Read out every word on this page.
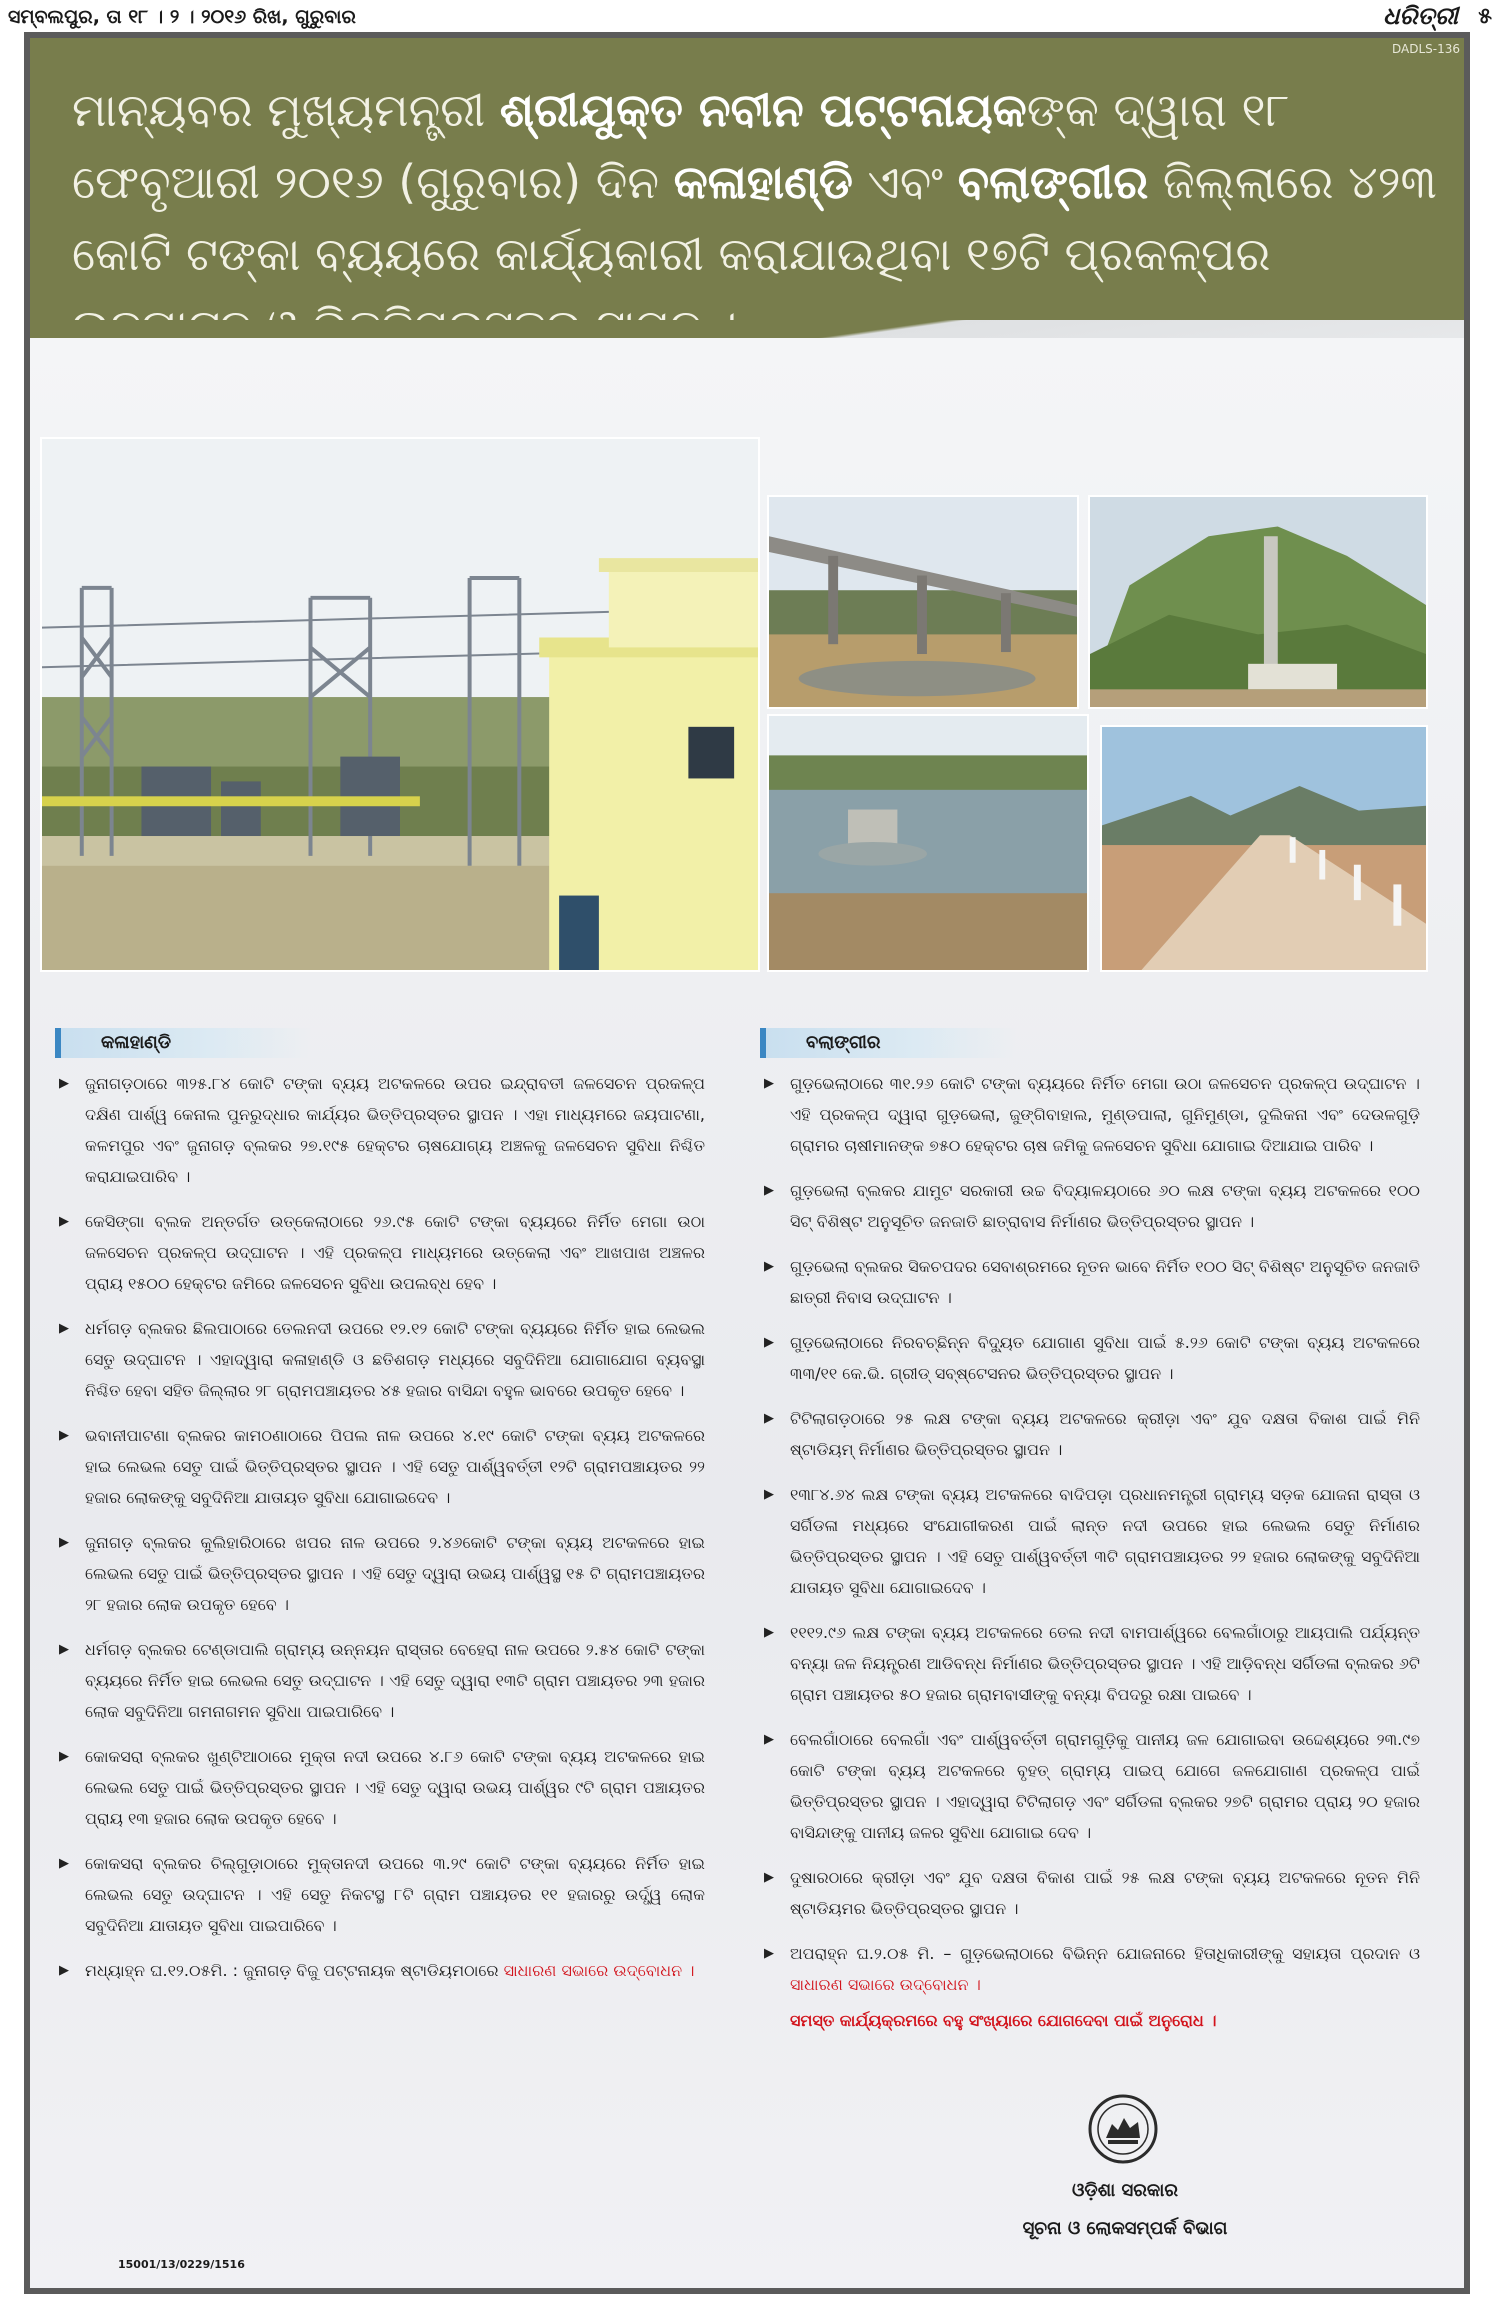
ସମ୍ବଲପୁର, ତା ୧୮ । ୨ । ୨୦୧୬ ରିଖ, ଗୁରୁବାର	ଧରିତ୍ରୀ ୫
DADLS-136

ମାନ୍ୟବର ମୁଖ୍ୟମନ୍ତ୍ରୀ ଶ୍ରୀଯୁକ୍ତ ନବୀନ ପଟ୍ଟନାୟକଙ୍କ ଦ୍ୱାରା ୧୮ ଫେବୃଆରୀ ୨୦୧୬ (ଗୁରୁବାର) ଦିନ କଳାହାଣ୍ଡି ଏବଂ ବଲାଙ୍ଗୀର ଜିଲ୍ଲାରେ ୪୨୩ କୋଟି ଟଙ୍କା ବ୍ୟୟରେ କାର୍ଯ୍ୟକାରୀ କରାଯାଉଥିବା ୧୭ଟି ପ୍ରକଳ୍ପର

କଳାହାଣ୍ଡି
▶ ଜୁନାଗଡ଼ଠାରେ ୩୨୫.୮୪ କୋଟି ଟଙ୍କା ବ୍ୟୟ ଅଟକଳରେ ଉପର ଇନ୍ଦ୍ରାବତୀ ଜଳସେଚନ ପ୍ରକଳ୍ପ ଦକ୍ଷିଣ ପାର୍ଶ୍ୱ କେନାଲ ପୁନରୁଦ୍ଧାର କାର୍ଯ୍ୟର ଭିତ୍ତିପ୍ରସ୍ତର ସ୍ଥାପନ । ଏହା ମାଧ୍ୟମରେ ଜୟପାଟଣା, କଳମପୁର ଏବଂ ଜୁନାଗଡ଼ ବ୍ଲକର ୨୭.୧୯୫ ହେକ୍ଟର ଚାଷଯୋଗ୍ୟ ଅଞ୍ଚଳକୁ ଜଳସେଚନ ସୁବିଧା ନିଶ୍ଚିତ କରାଯାଇପାରିବ ।
▶ କେସିଙ୍ଗା ବ୍ଲକ ଅନ୍ତର୍ଗତ ଉତ୍‌କେଲାଠାରେ ୨୬.୯୫ କୋଟି ଟଙ୍କା ବ୍ୟୟରେ ନିର୍ମିତ ମେଗା ଉଠା ଜଳସେଚନ ପ୍ରକଳ୍ପ ଉଦ୍‌ଘାଟନ । ଏହି ପ୍ରକଳ୍ପ ମାଧ୍ୟମରେ ଉତ୍‌କେଲା ଏବଂ ଆଖପାଖ ଅଞ୍ଚଳର ପ୍ରାୟ ୧୫୦୦ ହେକ୍ଟର ଜମିରେ ଜଳସେଚନ ସୁବିଧା ଉପଲବ୍ଧ ହେବ ।
▶ ଧର୍ମଗଡ଼ ବ୍ଲକର ଛିଲପାଠାରେ ତେଲନଦୀ ଉପରେ ୧୨.୧୨ କୋଟି ଟଙ୍କା ବ୍ୟୟରେ ନିର୍ମିତ ହାଇ ଲେଭଲ ସେତୁ ଉଦ୍‌ଘାଟନ । ଏହାଦ୍ୱାରା କଳାହାଣ୍ଡି ଓ ଛତିଶଗଡ଼ ମଧ୍ୟରେ ସବୁଦିନିଆ ଯୋଗାଯୋଗ ବ୍ୟବସ୍ଥା ନିଶ୍ଚିତ ହେବା ସହିତ ଜିଲ୍ଲାର ୨୮ ଗ୍ରାମପଞ୍ଚାୟତର ୪୫ ହଜାର ବାସିନ୍ଦା ବହୁଳ ଭାବରେ ଉପକୃତ ହେବେ ।
▶ ଭବାନୀପାଟଣା ବ୍ଲକର କାମଠଣାଠାରେ ପିପଲ ନାଳ ଉପରେ ୪.୧୯ କୋଟି ଟଙ୍କା ବ୍ୟୟ ଅଟକଳରେ ହାଇ ଲେଭଲ ସେତୁ ପାଇଁ ଭିତ୍ତିପ୍ରସ୍ତର ସ୍ଥାପନ । ଏହି ସେତୁ ପାର୍ଶ୍ୱବର୍ତ୍ତୀ ୧୨ଟି ଗ୍ରାମପଞ୍ଚାୟତର ୨୨ ହଜାର ଲୋକଙ୍କୁ ସବୁଦିନିଆ ଯାତାୟତ ସୁବିଧା ଯୋଗାଇଦେବ ।
▶ ଜୁନାଗଡ଼ ବ୍ଲକର କୁଲିହାରିଠାରେ ଖପର ନାଳ ଉପରେ ୨.୪୬କୋଟି ଟଙ୍କା ବ୍ୟୟ ଅଟକଳରେ ହାଇ ଲେଭଲ ସେତୁ ପାଇଁ ଭିତ୍ତିପ୍ରସ୍ତର ସ୍ଥାପନ । ଏହି ସେତୁ ଦ୍ୱାରା ଉଭୟ ପାର୍ଶ୍ୱସ୍ଥ ୧୫ ଟି ଗ୍ରାମପଞ୍ଚାୟତର ୨୮ ହଜାର ଲୋକ ଉପକୃତ ହେବେ ।
▶ ଧର୍ମଗଡ଼ ବ୍ଲକର ଟେଣ୍ଡାପାଲି ଗ୍ରାମ୍ୟ ଉନ୍ନୟନ ରାସ୍ତାର ବେହେରା ନାଳ ଉପରେ ୨.୫୪ କୋଟି ଟଙ୍କା ବ୍ୟୟରେ ନିର୍ମିତ ହାଇ ଲେଭଲ ସେତୁ ଉଦ୍‌ଘାଟନ । ଏହି ସେତୁ ଦ୍ୱାରା ୧୩ଟି ଗ୍ରାମ ପଞ୍ଚାୟତର ୨୩ ହଜାର ଲୋକ ସବୁଦିନିଆ ଗମନାଗମନ ସୁବିଧା ପାଇପାରିବେ ।
▶ କୋକସରା ବ୍ଲକର ଖୁଣ୍ଟିଆଠାରେ ମୁକ୍ତା ନଦୀ ଉପରେ ୪.୮୬ କୋଟି ଟଙ୍କା ବ୍ୟୟ ଅଟକଳରେ ହାଇ ଲେଭଲ ସେତୁ ପାଇଁ ଭିତ୍ତିପ୍ରସ୍ତର ସ୍ଥାପନ । ଏହି ସେତୁ ଦ୍ୱାରା ଉଭୟ ପାର୍ଶ୍ୱର ୯ଟି ଗ୍ରାମ ପଞ୍ଚାୟତର ପ୍ରାୟ ୧୩ ହଜାର ଲୋକ ଉପକୃତ ହେବେ ।
▶ କୋକସରା ବ୍ଲକର ଚିଲ୍‌ଗୁଡ଼ାଠାରେ ମୁକ୍ତାନଦୀ ଉପରେ ୩.୨୯ କୋଟି ଟଙ୍କା ବ୍ୟୟରେ ନିର୍ମିତ ହାଇ ଲେଭଲ ସେତୁ ଉଦ୍‌ଘାଟନ । ଏହି ସେତୁ ନିକଟସ୍ଥ ୮ଟି ଗ୍ରାମ ପଞ୍ଚାୟତର ୧୧ ହଜାରରୁ ଉର୍ଦ୍ଧ୍ୱ ଲୋକ ସବୁଦିନିଆ ଯାତାୟତ ସୁବିଧା ପାଇପାରିବେ ।
▶ ମଧ୍ୟାହ୍ନ ଘ.୧୨.୦୫ମି. : ଜୁନାଗଡ଼ ବିଜୁ ପଟ୍ଟନାୟକ ଷ୍ଟାଡିୟମଠାରେ ସାଧାରଣ ସଭାରେ ଉଦ୍‌ବୋଧନ ।
ବଲାଙ୍ଗୀର
▶ ଗୁଡ଼ଭେଲାଠାରେ ୩୧.୨୬ କୋଟି ଟଙ୍କା ବ୍ୟୟରେ ନିର୍ମିତ ମେଗା ଉଠା ଜଳସେଚନ ପ୍ରକଳ୍ପ ଉଦ୍‌ଘାଟନ । ଏହି ପ୍ରକଳ୍ପ ଦ୍ୱାରା ଗୁଡ଼ଭେଲା, ଜୁଙ୍ଗିବାହାଲ, ମୁଣ୍ଡପାଲା, ଗୁନିମୁଣ୍ଡା, ଦୁଲିକନା ଏବଂ ଦେଉଳଗୁଡ଼ି ଗ୍ରାମର ଚାଷୀମାନଙ୍କ ୭୫୦ ହେକ୍ଟର ଚାଷ ଜମିକୁ ଜଳସେଚନ ସୁବିଧା ଯୋଗାଇ ଦିଆଯାଇ ପାରିବ ।
▶ ଗୁଡ଼ଭେଲା ବ୍ଲକର ଯାମୁଟ ସରକାରୀ ଉଚ୍ଚ ବିଦ୍ୟାଳୟଠାରେ ୬୦ ଲକ୍ଷ ଟଙ୍କା ବ୍ୟୟ ଅଟକଳରେ ୧୦୦ ସିଟ୍ ବିଶିଷ୍ଟ ଅନୁସୂଚିତ ଜନଜାତି ଛାତ୍ରାବାସ ନିର୍ମାଣର ଭିତ୍ତିପ୍ରସ୍ତର ସ୍ଥାପନ ।
▶ ଗୁଡ଼ଭେଲା ବ୍ଲକର ସିକଚପଦର ସେବାଶ୍ରମରେ ନୂତନ ଭାବେ ନିର୍ମିତ ୧୦୦ ସିଟ୍ ବିଶିଷ୍ଟ ଅନୁସୂଚିତ ଜନଜାତି ଛାତ୍ରୀ ନିବାସ ଉଦ୍‌ଘାଟନ ।
▶ ଗୁଡ଼ଭେଲାଠାରେ ନିରବଚ୍ଛିନ୍ନ ବିଦ୍ୟୁତ ଯୋଗାଣ ସୁବିଧା ପାଇଁ ୫.୨୬ କୋଟି ଟଙ୍କା ବ୍ୟୟ ଅଟକଳରେ ୩୩/୧୧ କେ.ଭି. ଗ୍ରୀଡ୍ ସବ୍‌ଷ୍ଟେସନର ଭିତ୍ତିପ୍ରସ୍ତର ସ୍ଥାପନ ।
▶ ଟିଟିଲାଗଡ଼ଠାରେ ୨୫ ଲକ୍ଷ ଟଙ୍କା ବ୍ୟୟ ଅଟକଳରେ କ୍ରୀଡ଼ା ଏବଂ ଯୁବ ଦକ୍ଷତା ବିକାଶ ପାଇଁ ମିନି ଷ୍ଟାଡିୟମ୍ ନିର୍ମାଣର ଭିତ୍ତିପ୍ରସ୍ତର ସ୍ଥାପନ ।
▶ ୧୩୮୪.୬୪ ଲକ୍ଷ ଟଙ୍କା ବ୍ୟୟ ଅଟକଳରେ ବାଦିପଡ଼ା ପ୍ରଧାନମନ୍ତ୍ରୀ ଗ୍ରାମ୍ୟ ସଡ଼କ ଯୋଜନା ରାସ୍ତା ଓ ସର୍ଗିଡଳା ମଧ୍ୟରେ ସଂଯୋଗୀକରଣ ପାଇଁ ଲାନ୍ତ ନଦୀ ଉପରେ ହାଇ ଲେଭଲ ସେତୁ ନିର୍ମାଣର ଭିତ୍ତିପ୍ରସ୍ତର ସ୍ଥାପନ । ଏହି ସେତୁ ପାର୍ଶ୍ୱବର୍ତ୍ତୀ ୩ଟି ଗ୍ରାମପଞ୍ଚାୟତର ୨୨ ହଜାର ଲୋକଙ୍କୁ ସବୁଦିନିଆ ଯାତାୟତ ସୁବିଧା ଯୋଗାଇଦେବ ।
▶ ୧୧୧୨.୯୬ ଲକ୍ଷ ଟଙ୍କା ବ୍ୟୟ ଅଟକଳରେ ତେଲ ନଦୀ ବାମପାର୍ଶ୍ୱରେ ବେଲଗାଁଠାରୁ ଆୟପାଲି ପର୍ଯ୍ୟନ୍ତ ବନ୍ୟା ଜଳ ନିୟନ୍ତ୍ରଣ ଆଡିବନ୍ଧ ନିର୍ମାଣର ଭିତ୍ତିପ୍ରସ୍ତର ସ୍ଥାପନ । ଏହି ଆଡ଼ିବନ୍ଧ ସର୍ଗିଡଳା ବ୍ଲକର ୬ଟି ଗ୍ରାମ ପଞ୍ଚାୟତର ୫୦ ହଜାର ଗ୍ରାମବାସୀଙ୍କୁ ବନ୍ୟା ବିପଦରୁ ରକ୍ଷା ପାଇବେ ।
▶ ବେଲଗାଁଠାରେ ବେଲଗାଁ ଏବଂ ପାର୍ଶ୍ୱବର୍ତ୍ତୀ ଗ୍ରାମଗୁଡ଼ିକୁ ପାନୀୟ ଜଳ ଯୋଗାଇବା ଉଦ୍ଦେଶ୍ୟରେ ୨୩.୯୭ କୋଟି ଟଙ୍କା ବ୍ୟୟ ଅଟକଳରେ ବୃହତ୍ ଗ୍ରାମ୍ୟ ପାଇପ୍ ଯୋଗେ ଜଳଯୋଗାଣ ପ୍ରକଳ୍ପ ପାଇଁ ଭିତ୍ତିପ୍ରସ୍ତର ସ୍ଥାପନ । ଏହାଦ୍ୱାରା ଟିଟିଲାଗଡ଼ ଏବଂ ସର୍ଗିଡଳା ବ୍ଲକର ୨୭ଟି ଗ୍ରାମର ପ୍ରାୟ ୨୦ ହଜାର ବାସିନ୍ଦାଙ୍କୁ ପାନୀୟ ଜଳର ସୁବିଧା ଯୋଗାଇ ଦେବ ।
▶ ଦୁଷାରଠାରେ କ୍ରୀଡ଼ା ଏବଂ ଯୁବ ଦକ୍ଷତା ବିକାଶ ପାଇଁ ୨୫ ଲକ୍ଷ ଟଙ୍କା ବ୍ୟୟ ଅଟକଳରେ ନୂତନ ମିନି ଷ୍ଟାଡିୟମର ଭିତ୍ତିପ୍ରସ୍ତର ସ୍ଥାପନ ।
▶ ଅପରାହ୍ନ ଘ.୨.୦୫ ମି. – ଗୁଡ଼ଭେଲାଠାରେ ବିଭିନ୍ନ ଯୋଜନାରେ ହିତାଧିକାରୀଙ୍କୁ ସହାୟତା ପ୍ରଦାନ ଓ ସାଧାରଣ ସଭାରେ ଉଦ୍‌ବୋଧନ ।
ସମସ୍ତ କାର୍ଯ୍ୟକ୍ରମରେ ବହୁ ସଂଖ୍ୟାରେ ଯୋଗଦେବା ପାଇଁ ଅନୁରୋଧ ।
ଓଡ଼ିଶା ସରକାର
ସୂଚନା ଓ ଲୋକସମ୍ପର୍କ ବିଭାଗ
15001/13/0229/1516
